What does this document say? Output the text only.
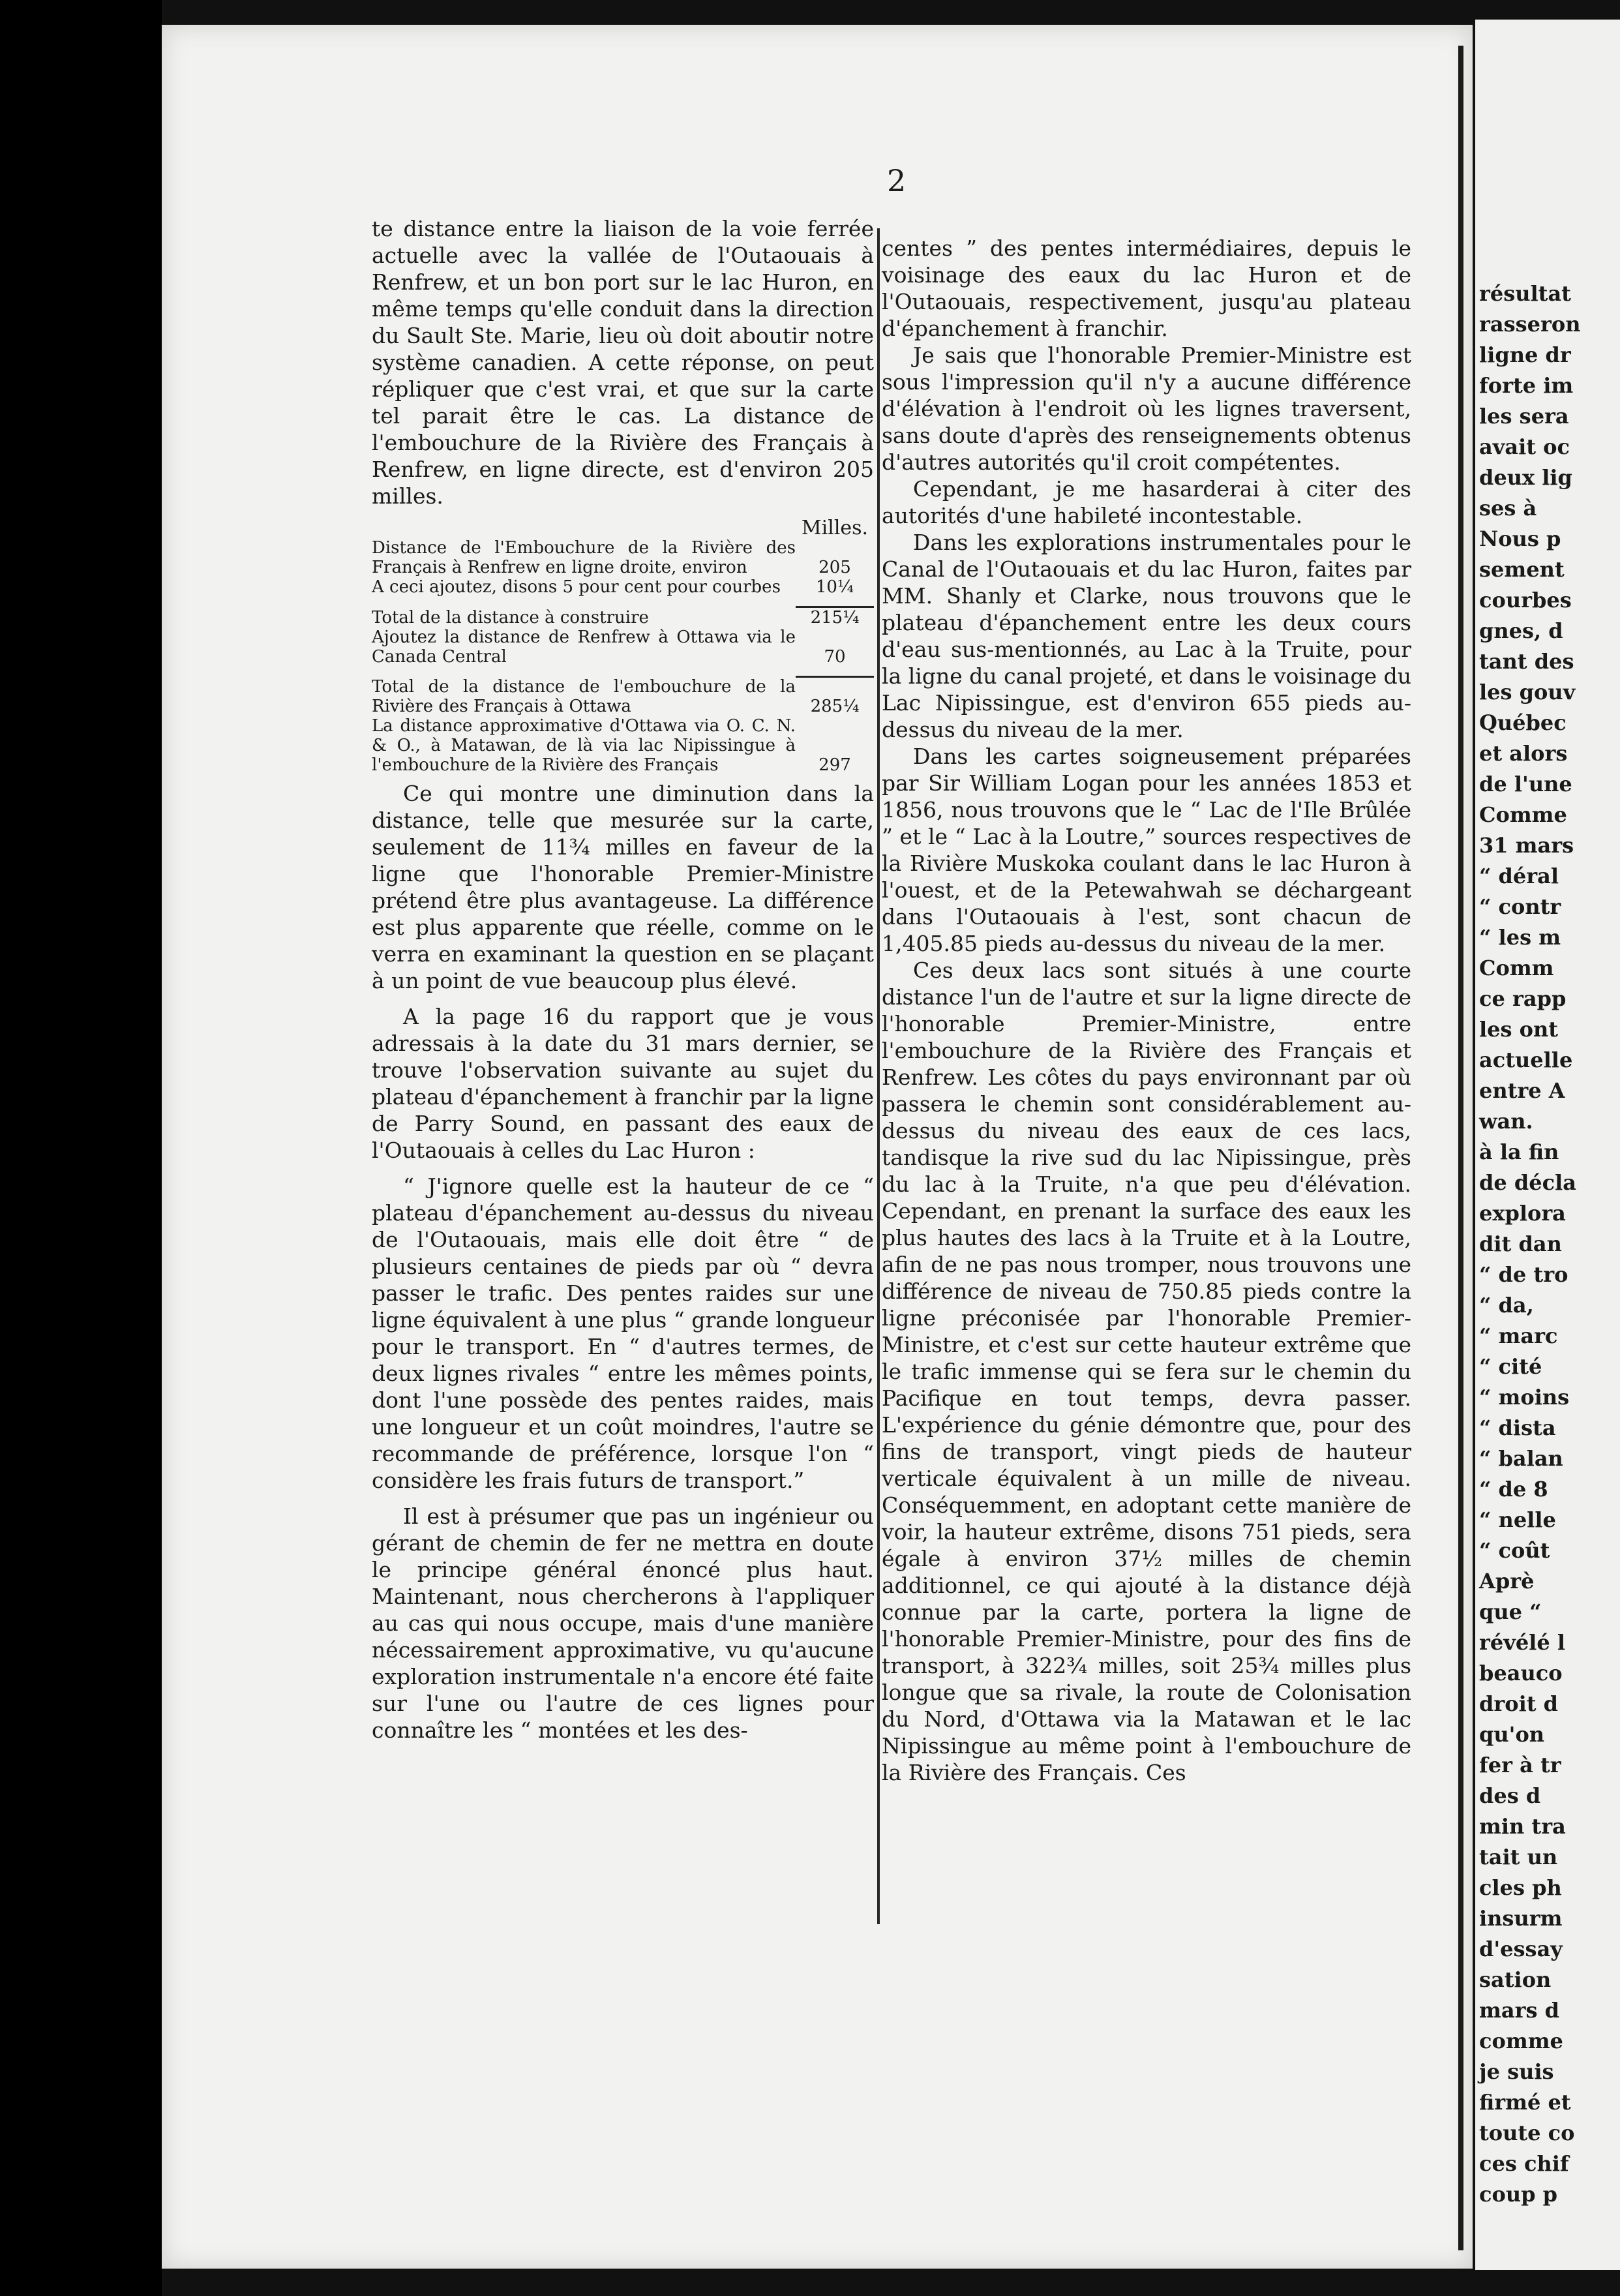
résultat
rasseron
ligne dr
forte im
les sera
avait oc
deux lig
ses à
Nous p
sement
courbes
gnes, d
tant des
les gouv
Québec
et alors
de l'une
Comme
31 mars
“ déral
“ contr
“ les m
Comm
ce rapp
les ont
actuelle
entre A
wan.
à la fin
de décla
explora
dit dan
“ de tro
“ da,
“ marc
“ cité
“ moins
“ dista
“ balan
“ de 8
“ nelle
“ coût
Aprè
que “
révélé l
beauco
droit d
qu'on
fer à tr
des d
min tra
tait un
cles ph
insurm
d'essay
sation
mars d
comme
je suis
firmé et
toute co
ces chif
coup p
2

te distance entre la liaison de la voie ferrée actuelle avec la vallée de l'Outaouais à Renfrew, et un bon port sur le lac Huron, en même temps qu'elle conduit dans la direction du Sault Ste. Marie, lieu où doit aboutir notre système canadien. A cette réponse, on peut répliquer que c'est vrai, et que sur la carte tel parait être le cas. La distance de l'embouchure de la Rivière des Français à Renfrew, en ligne directe, est d'environ 205 milles.

	Milles.
Distance de l'Embouchure de la Rivière des Français à Renfrew en ligne droite, environ	205
A ceci ajoutez, disons 5 pour cent pour courbes	10¼

Total de la distance à construire	215¼
Ajoutez la distance de Renfrew à Ottawa via le Canada Central	70

Total de la distance de l'embouchure de la Rivière des Français à Ottawa	285¼
La distance approximative d'Ottawa via O. C. N. & O., à Matawan, de là via lac Nipissingue à l'embouchure de la Rivière des Français	297

Ce qui montre une diminution dans la distance, telle que mesurée sur la carte, seulement de 11¾ milles en faveur de la ligne que l'honorable Premier-Ministre prétend être plus avantageuse. La différence est plus apparente que réelle, comme on le verra en examinant la question en se plaçant à un point de vue beaucoup plus élevé.

A la page 16 du rapport que je vous adressais à la date du 31 mars dernier, se trouve l'observation suivante au sujet du plateau d'épanchement à franchir par la ligne de Parry Sound, en passant des eaux de l'Outaouais à celles du Lac Huron :

“ J'ignore quelle est la hauteur de ce “ plateau d'épanchement au-dessus du niveau de l'Outaouais, mais elle doit être “ de plusieurs centaines de pieds par où “ devra passer le trafic. Des pentes raides sur une ligne équivalent à une plus “ grande longueur pour le transport. En “ d'autres termes, de deux lignes rivales “ entre les mêmes points, dont l'une possède des pentes raides, mais une longueur et un coût moindres, l'autre se recommande de préférence, lorsque l'on “ considère les frais futurs de transport.”

Il est à présumer que pas un ingénieur ou gérant de chemin de fer ne mettra en doute le principe général énoncé plus haut. Maintenant, nous chercherons à l'appliquer au cas qui nous occupe, mais d'une manière nécessairement approximative, vu qu'aucune exploration instrumentale n'a encore été faite sur l'une ou l'autre de ces lignes pour connaître les “ montées et les des-

centes ” des pentes intermédiaires, depuis le voisinage des eaux du lac Huron et de l'Outaouais, respectivement, jusqu'au plateau d'épanchement à franchir.

Je sais que l'honorable Premier-Ministre est sous l'impression qu'il n'y a aucune différence d'élévation à l'endroit où les lignes traversent, sans doute d'après des renseignements obtenus d'autres autorités qu'il croit compétentes.

Cependant, je me hasarderai à citer des autorités d'une habileté incontestable.

Dans les explorations instrumentales pour le Canal de l'Outaouais et du lac Huron, faites par MM. Shanly et Clarke, nous trouvons que le plateau d'épanchement entre les deux cours d'eau sus-mentionnés, au Lac à la Truite, pour la ligne du canal projeté, et dans le voisinage du Lac Nipissingue, est d'environ 655 pieds au-dessus du niveau de la mer.

Dans les cartes soigneusement préparées par Sir William Logan pour les années 1853 et 1856, nous trouvons que le “ Lac de l'Ile Brûlée ” et le “ Lac à la Loutre,” sources respectives de la Rivière Muskoka coulant dans le lac Huron à l'ouest, et de la Petewahwah se déchargeant dans l'Outaouais à l'est, sont chacun de 1,405.85 pieds au-dessus du niveau de la mer.

Ces deux lacs sont situés à une courte distance l'un de l'autre et sur la ligne directe de l'honorable Premier-Ministre, entre l'embouchure de la Rivière des Français et Renfrew. Les côtes du pays environnant par où passera le chemin sont considérablement au-dessus du niveau des eaux de ces lacs, tandisque la rive sud du lac Nipissingue, près du lac à la Truite, n'a que peu d'élévation. Cependant, en prenant la surface des eaux les plus hautes des lacs à la Truite et à la Loutre, afin de ne pas nous tromper, nous trouvons une différence de niveau de 750.85 pieds contre la ligne préconisée par l'honorable Premier-Ministre, et c'est sur cette hauteur extrême que le trafic immense qui se fera sur le chemin du Pacifique en tout temps, devra passer. L'expérience du génie démontre que, pour des fins de transport, vingt pieds de hauteur verticale équivalent à un mille de niveau. Conséquemment, en adoptant cette manière de voir, la hauteur extrême, disons 751 pieds, sera égale à environ 37½ milles de chemin additionnel, ce qui ajouté à la distance déjà connue par la carte, portera la ligne de l'honorable Premier-Ministre, pour des fins de transport, à 322¾ milles, soit 25¾ milles plus longue que sa rivale, la route de Colonisation du Nord, d'Ottawa via la Matawan et le lac Nipissingue au même point à l'embouchure de la Rivière des Français. Ces
